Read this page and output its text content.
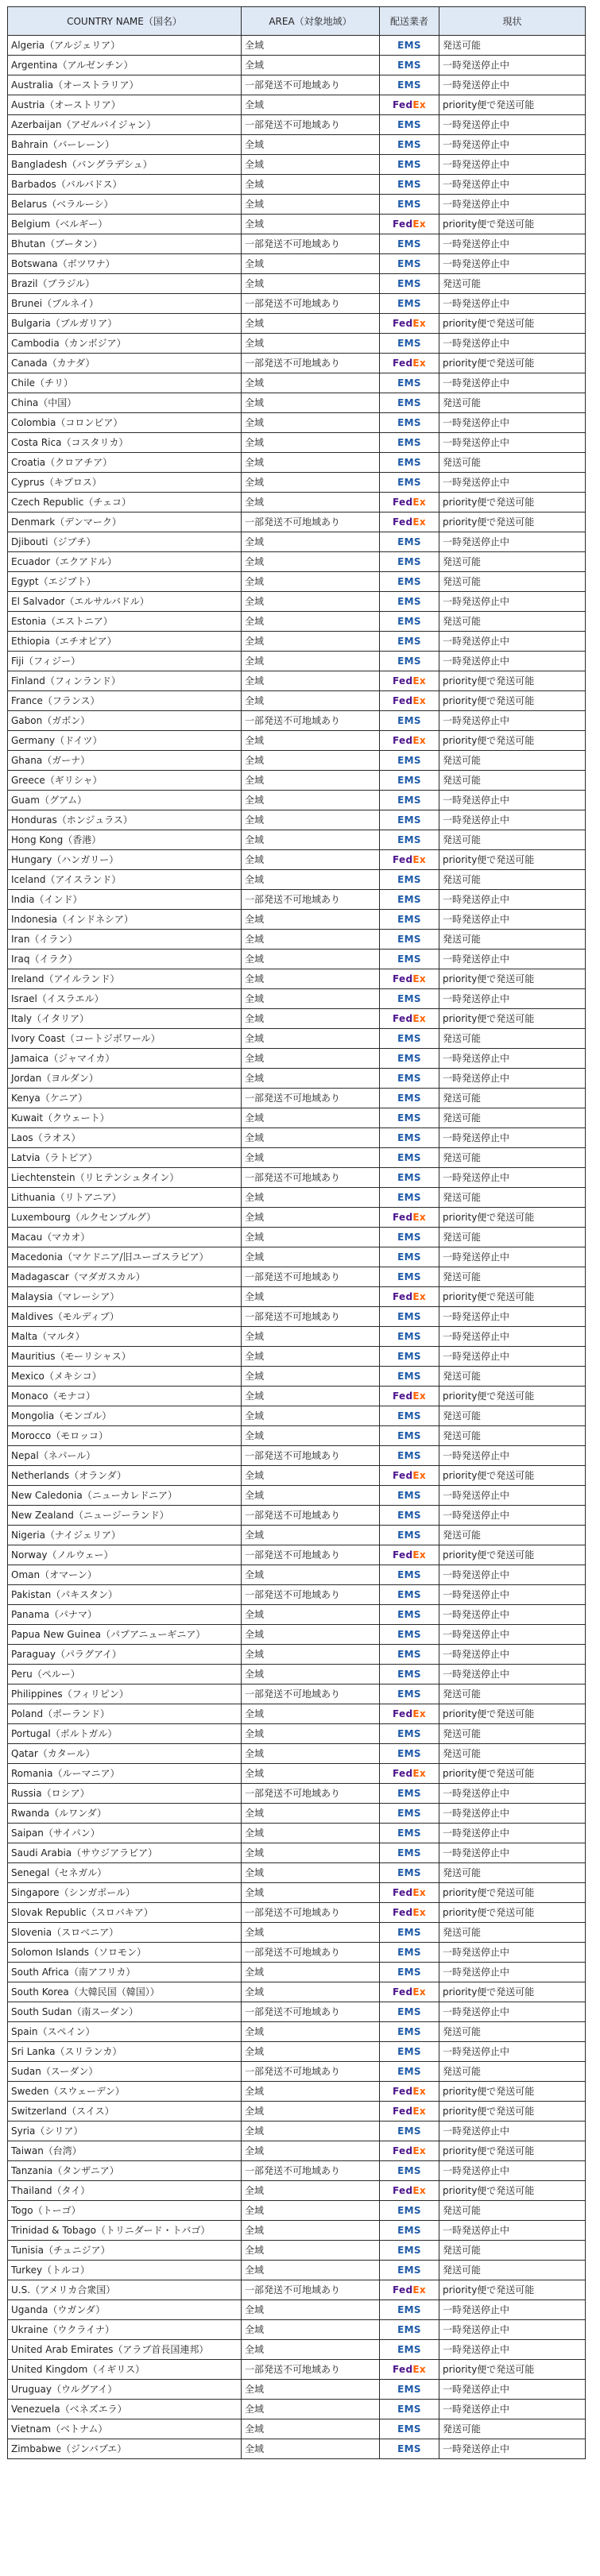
COUNTRY NAME（国名）	AREA（対象地域）	配送業者	現状
Algeria（アルジェリア）	全域	EMS	発送可能
Argentina（アルゼンチン）	全域	EMS	一時発送停止中
Australia（オーストラリア）	一部発送不可地域あり	EMS	一時発送停止中
Austria（オーストリア）	全域	FedEx	priority便で発送可能
Azerbaijan（アゼルバイジャン）	一部発送不可地域あり	EMS	一時発送停止中
Bahrain（バーレーン）	全域	EMS	一時発送停止中
Bangladesh（バングラデシュ）	全域	EMS	一時発送停止中
Barbados（バルバドス）	全域	EMS	一時発送停止中
Belarus（ベラルーシ）	全域	EMS	一時発送停止中
Belgium（ベルギー）	全域	FedEx	priority便で発送可能
Bhutan（ブータン）	一部発送不可地域あり	EMS	一時発送停止中
Botswana（ボツワナ）	全域	EMS	一時発送停止中
Brazil（ブラジル）	全域	EMS	発送可能
Brunei（ブルネイ）	一部発送不可地域あり	EMS	一時発送停止中
Bulgaria（ブルガリア）	全域	FedEx	priority便で発送可能
Cambodia（カンボジア）	全域	EMS	一時発送停止中
Canada（カナダ）	一部発送不可地域あり	FedEx	priority便で発送可能
Chile（チリ）	全域	EMS	一時発送停止中
China（中国）	全域	EMS	発送可能
Colombia（コロンビア）	全域	EMS	一時発送停止中
Costa Rica（コスタリカ）	全域	EMS	一時発送停止中
Croatia（クロアチア）	全域	EMS	発送可能
Cyprus（キプロス）	全域	EMS	一時発送停止中
Czech Republic（チェコ）	全域	FedEx	priority便で発送可能
Denmark（デンマーク）	一部発送不可地域あり	FedEx	priority便で発送可能
Djibouti（ジブチ）	全域	EMS	一時発送停止中
Ecuador（エクアドル）	全域	EMS	発送可能
Egypt（エジプト）	全域	EMS	発送可能
El Salvador（エルサルバドル）	全域	EMS	一時発送停止中
Estonia（エストニア）	全域	EMS	発送可能
Ethiopia（エチオピア）	全域	EMS	一時発送停止中
Fiji（フィジー）	全域	EMS	一時発送停止中
Finland（フィンランド）	全域	FedEx	priority便で発送可能
France（フランス）	全域	FedEx	priority便で発送可能
Gabon（ガボン）	一部発送不可地域あり	EMS	一時発送停止中
Germany（ドイツ）	全域	FedEx	priority便で発送可能
Ghana（ガーナ）	全域	EMS	発送可能
Greece（ギリシャ）	全域	EMS	発送可能
Guam（グアム）	全域	EMS	一時発送停止中
Honduras（ホンジュラス）	全域	EMS	一時発送停止中
Hong Kong（香港）	全域	EMS	発送可能
Hungary（ハンガリー）	全域	FedEx	priority便で発送可能
Iceland（アイスランド）	全域	EMS	発送可能
India（インド）	一部発送不可地域あり	EMS	一時発送停止中
Indonesia（インドネシア）	全域	EMS	一時発送停止中
Iran（イラン）	全域	EMS	発送可能
Iraq（イラク）	全域	EMS	一時発送停止中
Ireland（アイルランド）	全域	FedEx	priority便で発送可能
Israel（イスラエル）	全域	EMS	一時発送停止中
Italy（イタリア）	全域	FedEx	priority便で発送可能
Ivory Coast（コートジボワール）	全域	EMS	発送可能
Jamaica（ジャマイカ）	全域	EMS	一時発送停止中
Jordan（ヨルダン）	全域	EMS	一時発送停止中
Kenya（ケニア）	一部発送不可地域あり	EMS	発送可能
Kuwait（クウェート）	全域	EMS	発送可能
Laos（ラオス）	全域	EMS	一時発送停止中
Latvia（ラトビア）	全域	EMS	発送可能
Liechtenstein（リヒテンシュタイン）	一部発送不可地域あり	EMS	一時発送停止中
Lithuania（リトアニア）	全域	EMS	発送可能
Luxembourg（ルクセンブルグ）	全域	FedEx	priority便で発送可能
Macau（マカオ）	全域	EMS	発送可能
Macedonia（マケドニア/旧ユーゴスラビア）	全域	EMS	一時発送停止中
Madagascar（マダガスカル）	一部発送不可地域あり	EMS	発送可能
Malaysia（マレーシア）	全域	FedEx	priority便で発送可能
Maldives（モルディブ）	一部発送不可地域あり	EMS	一時発送停止中
Malta（マルタ）	全域	EMS	一時発送停止中
Mauritius（モーリシャス）	全域	EMS	一時発送停止中
Mexico（メキシコ）	全域	EMS	発送可能
Monaco（モナコ）	全域	FedEx	priority便で発送可能
Mongolia（モンゴル）	全域	EMS	発送可能
Morocco（モロッコ）	全域	EMS	発送可能
Nepal（ネパール）	一部発送不可地域あり	EMS	一時発送停止中
Netherlands（オランダ）	全域	FedEx	priority便で発送可能
New Caledonia（ニューカレドニア）	全域	EMS	一時発送停止中
New Zealand（ニュージーランド）	一部発送不可地域あり	EMS	一時発送停止中
Nigeria（ナイジェリア）	全域	EMS	発送可能
Norway（ノルウェー）	一部発送不可地域あり	FedEx	priority便で発送可能
Oman（オマーン）	全域	EMS	一時発送停止中
Pakistan（パキスタン）	一部発送不可地域あり	EMS	一時発送停止中
Panama（パナマ）	全域	EMS	一時発送停止中
Papua New Guinea（パプアニューギニア）	全域	EMS	一時発送停止中
Paraguay（パラグアイ）	全域	EMS	一時発送停止中
Peru（ペルー）	全域	EMS	一時発送停止中
Philippines（フィリピン）	一部発送不可地域あり	EMS	発送可能
Poland（ポーランド）	全域	FedEx	priority便で発送可能
Portugal（ポルトガル）	全域	EMS	発送可能
Qatar（カタール）	全域	EMS	発送可能
Romania（ルーマニア）	全域	FedEx	priority便で発送可能
Russia（ロシア）	一部発送不可地域あり	EMS	一時発送停止中
Rwanda（ルワンダ）	全域	EMS	一時発送停止中
Saipan（サイパン）	全域	EMS	一時発送停止中
Saudi Arabia（サウジアラビア）	全域	EMS	一時発送停止中
Senegal（セネガル）	全域	EMS	発送可能
Singapore（シンガポール）	全域	FedEx	priority便で発送可能
Slovak Republic（スロバキア）	一部発送不可地域あり	FedEx	priority便で発送可能
Slovenia（スロベニア）	全域	EMS	発送可能
Solomon Islands（ソロモン）	一部発送不可地域あり	EMS	一時発送停止中
South Africa（南アフリカ）	全域	EMS	一時発送停止中
South Korea（大韓民国（韓国））	全域	FedEx	priority便で発送可能
South Sudan（南スーダン）	一部発送不可地域あり	EMS	一時発送停止中
Spain（スペイン）	全域	EMS	発送可能
Sri Lanka（スリランカ）	全域	EMS	一時発送停止中
Sudan（スーダン）	一部発送不可地域あり	EMS	発送可能
Sweden（スウェーデン）	全域	FedEx	priority便で発送可能
Switzerland（スイス）	全域	FedEx	priority便で発送可能
Syria（シリア）	全域	EMS	一時発送停止中
Taiwan（台湾）	全域	FedEx	priority便で発送可能
Tanzania（タンザニア）	一部発送不可地域あり	EMS	一時発送停止中
Thailand（タイ）	全域	FedEx	priority便で発送可能
Togo（トーゴ）	全域	EMS	発送可能
Trinidad & Tobago（トリニダード・トバゴ）	全域	EMS	一時発送停止中
Tunisia（チュニジア）	全域	EMS	発送可能
Turkey（トルコ）	全域	EMS	発送可能
U.S.（アメリカ合衆国）	一部発送不可地域あり	FedEx	priority便で発送可能
Uganda（ウガンダ）	全域	EMS	一時発送停止中
Ukraine（ウクライナ）	全域	EMS	一時発送停止中
United Arab Emirates（アラブ首長国連邦）	全域	EMS	一時発送停止中
United Kingdom（イギリス）	一部発送不可地域あり	FedEx	priority便で発送可能
Uruguay（ウルグアイ）	全域	EMS	一時発送停止中
Venezuela（ベネズエラ）	全域	EMS	一時発送停止中
Vietnam（ベトナム）	全域	EMS	発送可能
Zimbabwe（ジンバブエ）	全域	EMS	一時発送停止中
